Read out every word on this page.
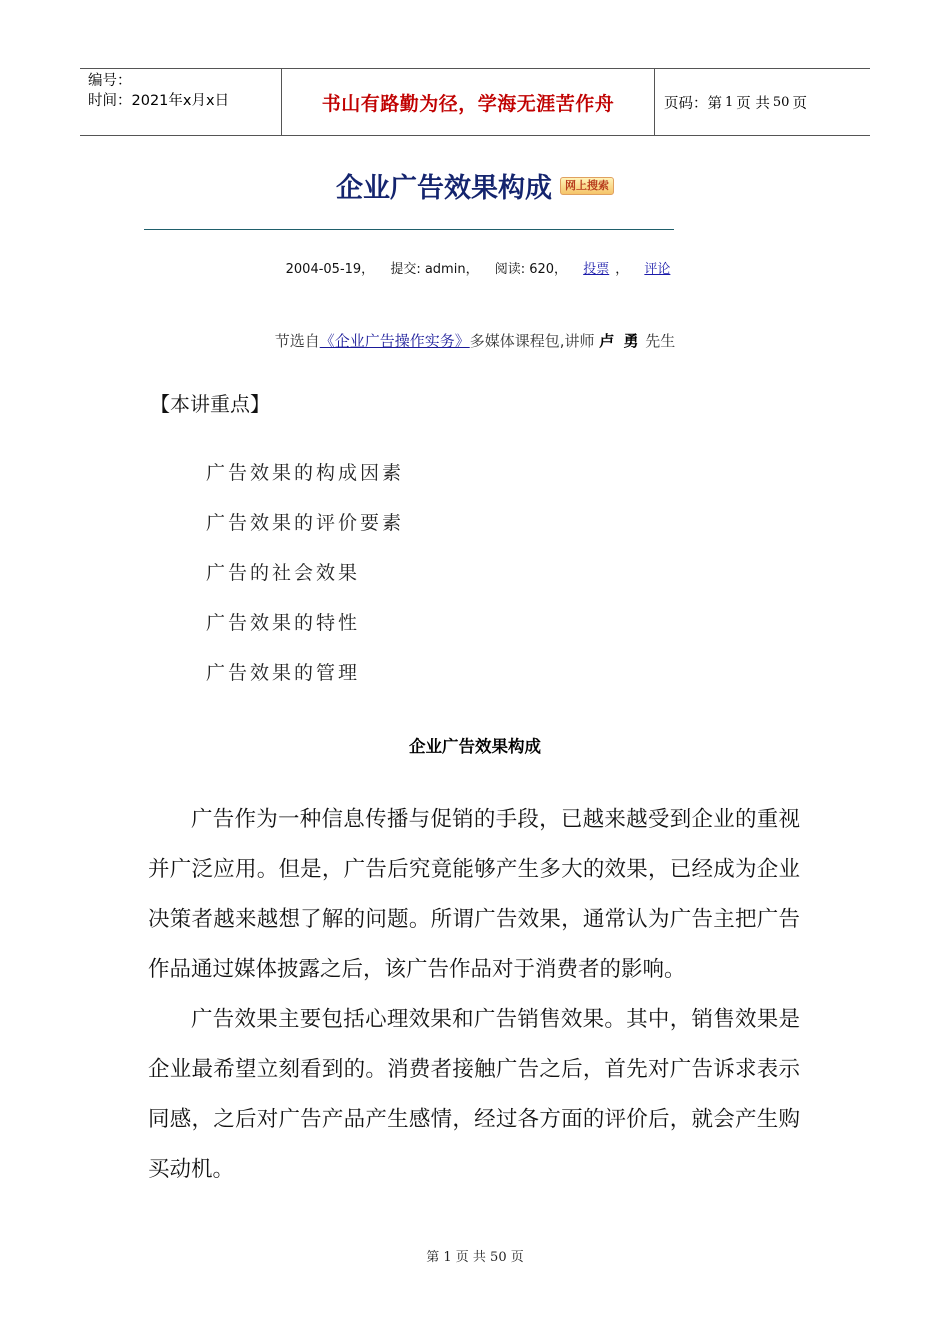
编号：
时间：2021年x月x日	书山有路勤为径，学海无涯苦作舟	页码：第 1 页 共 50 页
企业广告效果构成 网上搜索
2004-05-19， 提交: admin， 阅读: 620， 投票 ， 评论
节选自《企业广告操作实务》多媒体课程包,讲师 卢 勇 先生
【本讲重点】
广告效果的构成因素
广告效果的评价要素
广告的社会效果
广告效果的特性
广告效果的管理
企业广告效果构成

广告作为一种信息传播与促销的手段，已越来越受到企业的重视并广泛应用。但是，广告后究竟能够产生多大的效果，已经成为企业决策者越来越想了解的问题。所谓广告效果，通常认为广告主把广告作品通过媒体披露之后，该广告作品对于消费者的影响。

广告效果主要包括心理效果和广告销售效果。其中，销售效果是企业最希望立刻看到的。消费者接触广告之后，首先对广告诉求表示同感，之后对广告产品产生感情，经过各方面的评价后，就会产生购买动机。

第 1 页 共 50 页
